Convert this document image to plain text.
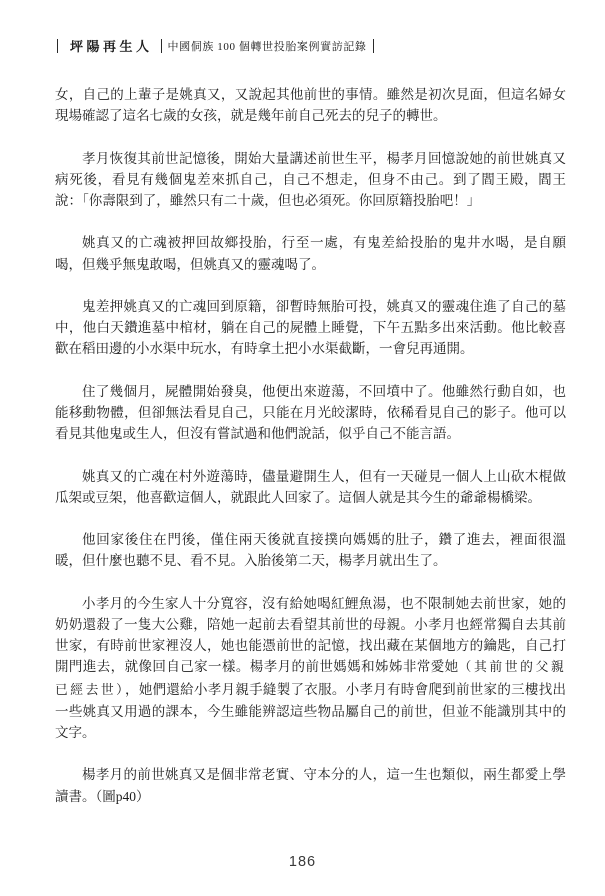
坪陽再生人 中國侗族 100 個轉世投胎案例實訪記錄

女，自己的上輩子是姚真又，又說起其他前世的事情。雖然是初次見面，但這名婦女現場確認了這名七歲的女孩，就是幾年前自己死去的兒子的轉世。

孝月恢復其前世記憶後，開始大量講述前世生平，楊孝月回憶說她的前世姚真又病死後，看見有幾個鬼差來抓自己，自己不想走，但身不由己。到了閻王殿，閻王說：「你壽限到了，雖然只有二十歲，但也必須死。你回原籍投胎吧！」

姚真又的亡魂被押回故鄉投胎，行至一處，有鬼差給投胎的鬼井水喝，是自願喝，但幾乎無鬼敢喝，但姚真又的靈魂喝了。

鬼差押姚真又的亡魂回到原籍，卻暫時無胎可投，姚真又的靈魂住進了自己的墓中，他白天鑽進墓中棺材，躺在自己的屍體上睡覺，下午五點多出來活動。他比較喜歡在稻田邊的小水渠中玩水，有時拿土把小水渠截斷，一會兒再通開。

住了幾個月，屍體開始發臭，他便出來遊蕩，不回墳中了。他雖然行動自如，也能移動物體，但卻無法看見自己，只能在月光皎潔時，依稀看見自己的影子。他可以看見其他鬼或生人，但沒有嘗試過和他們說話，似乎自己不能言語。

姚真又的亡魂在村外遊蕩時，儘量避開生人，但有一天碰見一個人上山砍木棍做瓜架或豆架，他喜歡這個人，就跟此人回家了。這個人就是其今生的爺爺楊橋梁。

他回家後住在門後，僅住兩天後就直接撲向媽媽的肚子，鑽了進去，裡面很溫暖，但什麼也聽不見、看不見。入胎後第二天，楊孝月就出生了。

小孝月的今生家人十分寬容，沒有給她喝紅鯉魚湯，也不限制她去前世家，她的奶奶還殺了一隻大公雞，陪她一起前去看望其前世的母親。小孝月也經常獨自去其前世家，有時前世家裡沒人，她也能憑前世的記憶，找出藏在某個地方的鑰匙，自己打開門進去，就像回自己家一樣。楊孝月的前世媽媽和姊姊非常愛她（其前世的父親已經去世），她們還給小孝月親手縫製了衣服。小孝月有時會爬到前世家的三樓找出一些姚真又用過的課本，今生雖能辨認這些物品屬自己的前世，但並不能識別其中的文字。

楊孝月的前世姚真又是個非常老實、守本分的人，這一生也類似，兩生都愛上學讀書。（圖p40）

186
